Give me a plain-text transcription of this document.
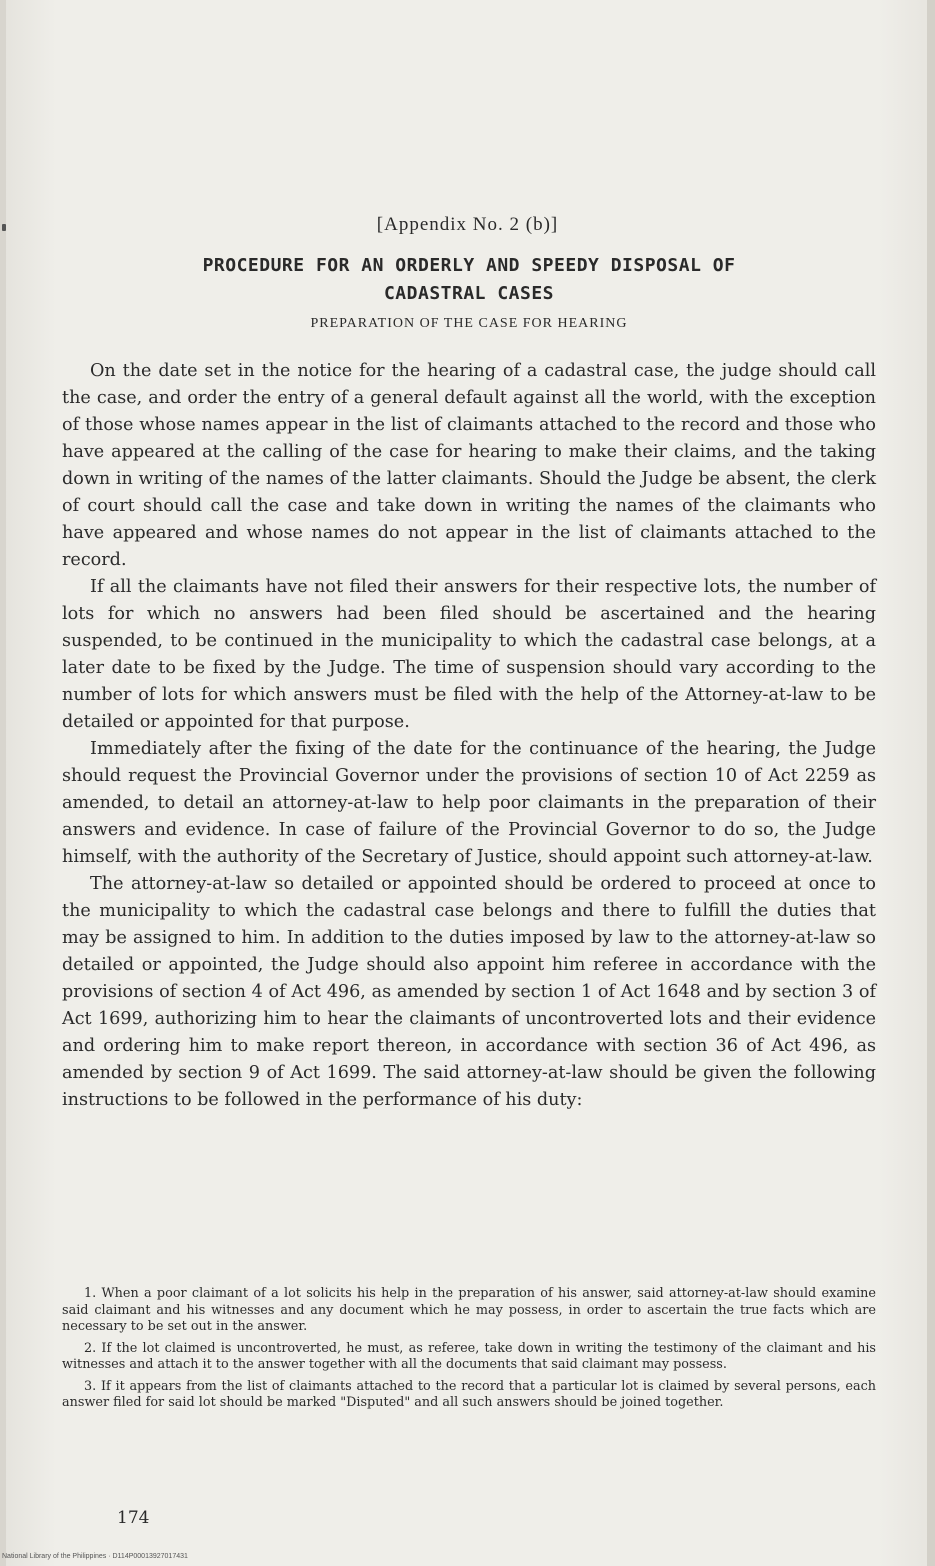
[Appendix No. 2 (b)]
PROCEDURE FOR AN ORDERLY AND SPEEDY DISPOSAL OF
CADASTRAL CASES
PREPARATION OF THE CASE FOR HEARING

On the date set in the notice for the hearing of a cadastral case, the judge should call the case, and order the entry of a general default against all the world, with the exception of those whose names appear in the list of claimants attached to the record and those who have appeared at the calling of the case for hearing to make their claims, and the taking down in writing of the names of the latter claimants. Should the Judge be absent, the clerk of court should call the case and take down in writing the names of the claimants who have appeared and whose names do not appear in the list of claimants attached to the record.

If all the claimants have not filed their answers for their respective lots, the number of lots for which no answers had been filed should be ascertained and the hearing suspended, to be continued in the municipality to which the cadastral case belongs, at a later date to be fixed by the Judge. The time of suspension should vary according to the number of lots for which answers must be filed with the help of the Attorney-at-law to be detailed or appointed for that purpose.

Immediately after the fixing of the date for the continuance of the hearing, the Judge should request the Provincial Governor under the provisions of section 10 of Act 2259 as amended, to detail an attorney-at-law to help poor claimants in the preparation of their answers and evidence. In case of failure of the Provincial Governor to do so, the Judge himself, with the authority of the Secretary of Justice, should appoint such attorney-at-law.

The attorney-at-law so detailed or appointed should be ordered to proceed at once to the municipality to which the cadastral case belongs and there to fulfill the duties that may be assigned to him. In addition to the duties imposed by law to the attorney-at-law so detailed or appointed, the Judge should also appoint him referee in accordance with the provisions of section 4 of Act 496, as amended by section 1 of Act 1648 and by section 3 of Act 1699, authorizing him to hear the claimants of uncontroverted lots and their evidence and ordering him to make report thereon, in accordance with section 36 of Act 496, as amended by section 9 of Act 1699. The said attorney-at-law should be given the following instructions to be followed in the performance of his duty:

1. When a poor claimant of a lot solicits his help in the preparation of his answer, said attorney-at-law should examine said claimant and his witnesses and any document which he may possess, in order to ascertain the true facts which are necessary to be set out in the answer.

2. If the lot claimed is uncontroverted, he must, as referee, take down in writing the testimony of the claimant and his witnesses and attach it to the answer together with all the documents that said claimant may possess.

3. If it appears from the list of claimants attached to the record that a particular lot is claimed by several persons, each answer filed for said lot should be marked "Disputed" and all such answers should be joined together.

174
National Library of the Philippines · D114P00013927017431
